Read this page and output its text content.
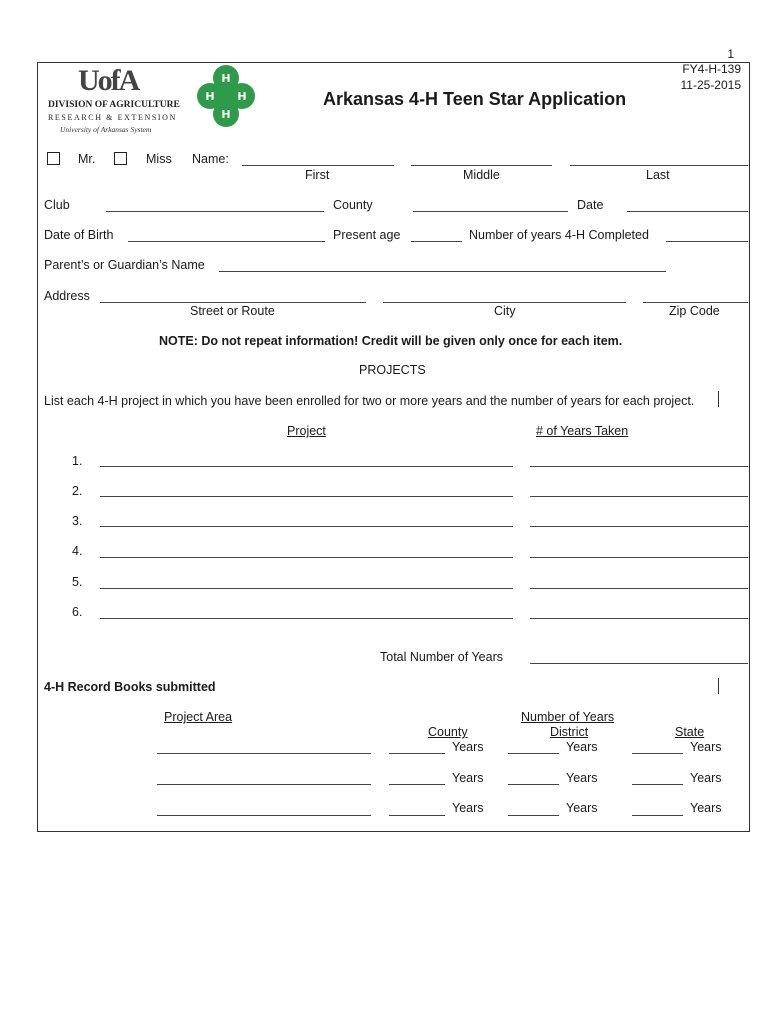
1
FY4-H-139
11-25-2015
UofA
DIVISION OF AGRICULTURE
RESEARCH & EXTENSION
University of Arkansas System
H
H H
H
Arkansas 4-H Teen Star Application
Mr.	Miss Name:
First	Middle	Last
Club	County	Date
Date of Birth	Present age	Number of years 4-H Completed
Parent’s or Guardian’s Name
Address
Street or Route	City	Zip Code
NOTE: Do not repeat information! Credit will be given only once for each item.
PROJECTS
List each 4-H project in which you have been enrolled for two or more years and the number of years for each project.
Project	# of Years Taken
1.
2.
3.
4.
5.
6.
Total Number of Years
4-H Record Books submitted
Project Area	Number of Years
County	District	State
Years	Years	Years
Years	Years	Years
Years	Years	Years
